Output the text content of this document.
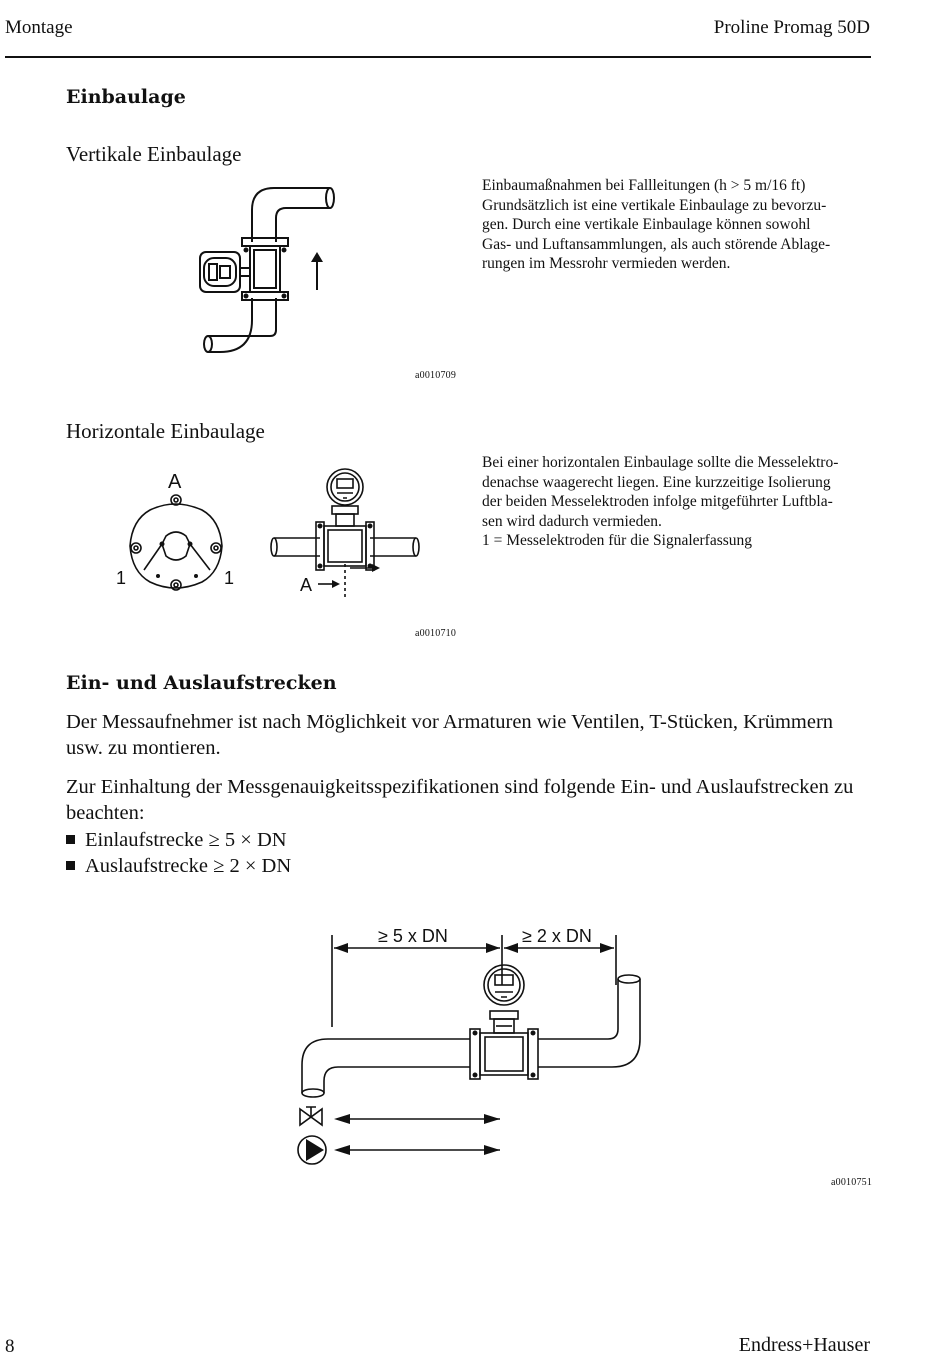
Montage	Proline Promag 50D
Einbaulage
Vertikale Einbaulage
Einbaumaßnahmen bei Fallleitungen (h > 5 m/16 ft)
Grundsätzlich ist eine vertikale Einbaulage zu bevorzu-
gen. Durch eine vertikale Einbaulage können sowohl
Gas- und Luftansammlungen, als auch störende Ablage-
rungen im Messrohr vermieden werden.
a0010709
Horizontale Einbaulage
Bei einer horizontalen Einbaulage sollte die Messelektro-
denachse waagerecht liegen. Eine kurzzeitige Isolierung
der beiden Messelektroden infolge mitgeführter Luftbla-
sen wird dadurch vermieden.
1 = Messelektroden für die Signalerfassung
A
1	1	A
a0010710
Ein- und Auslaufstrecken
Der Messaufnehmer ist nach Möglichkeit vor Armaturen wie Ventilen, T-Stücken, Krümmern
usw. zu montieren.
Zur Einhaltung der Messgenauigkeitsspezifikationen sind folgende Ein- und Auslaufstrecken zu
beachten:
Einlaufstrecke ≥ 5 × DN
Auslaufstrecke ≥ 2 × DN
≥ 5 x DN	≥ 2 x DN
a0010751
8	Endress+Hauser
